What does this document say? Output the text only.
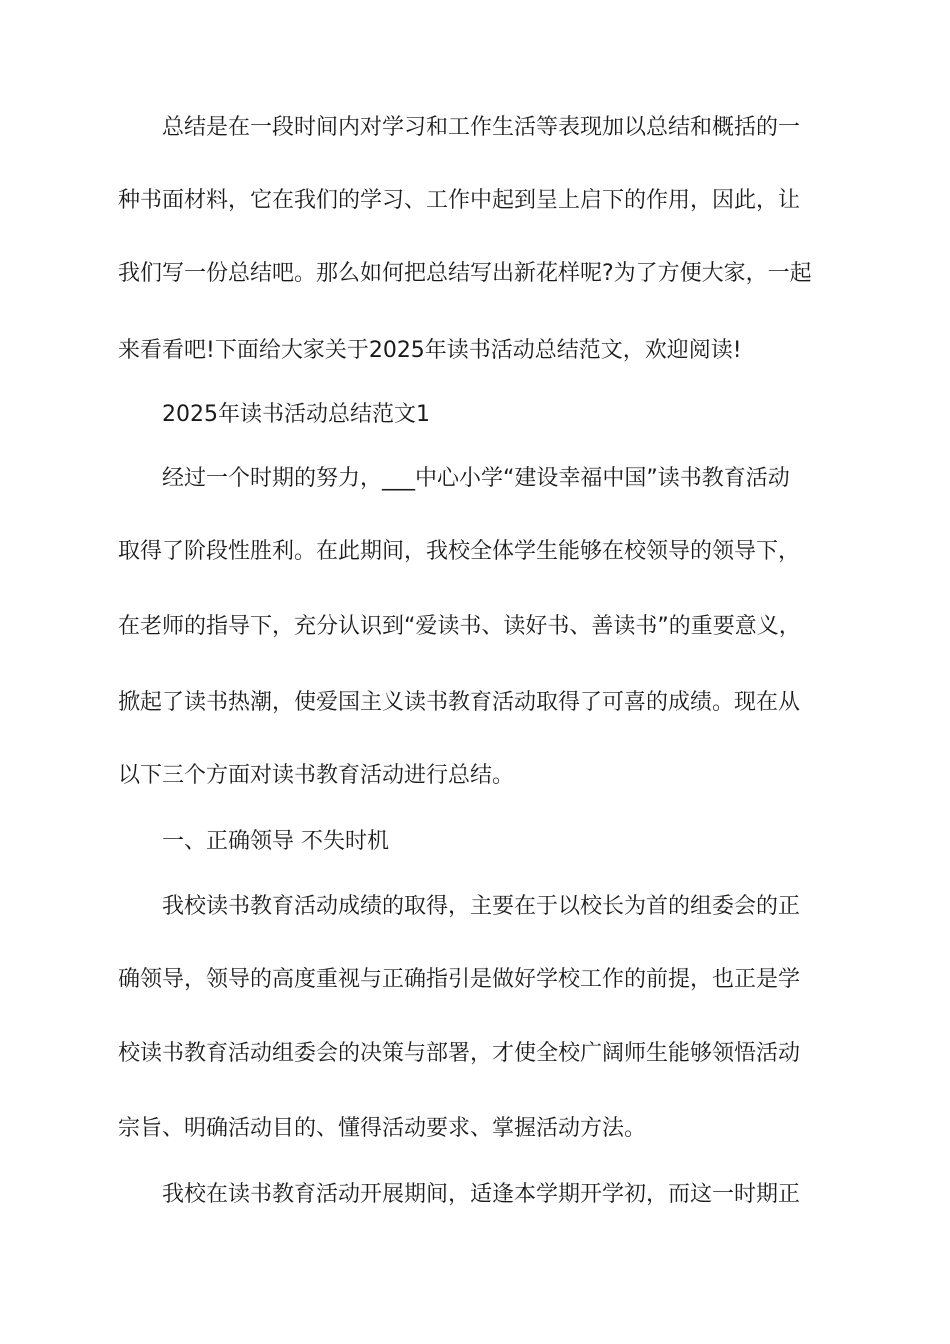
总结是在一段时间内对学习和工作生活等表现加以总结和概括的一
种书面材料，它在我们的学习、工作中起到呈上启下的作用，因此，让
我们写一份总结吧。那么如何把总结写出新花样呢?为了方便大家，一起
来看看吧!下面给大家关于2025年读书活动总结范文，欢迎阅读!
2025年读书活动总结范文1
经过一个时期的努力，___中心小学“建设幸福中国”读书教育活动
取得了阶段性胜利。在此期间，我校全体学生能够在校领导的领导下，
在老师的指导下，充分认识到“爱读书、读好书、善读书”的重要意义，
掀起了读书热潮，使爱国主义读书教育活动取得了可喜的成绩。现在从
以下三个方面对读书教育活动进行总结。
一、正确领导 不失时机
我校读书教育活动成绩的取得，主要在于以校长为首的组委会的正
确领导，领导的高度重视与正确指引是做好学校工作的前提，也正是学
校读书教育活动组委会的决策与部署，才使全校广阔师生能够领悟活动
宗旨、明确活动目的、懂得活动要求、掌握活动方法。
我校在读书教育活动开展期间，适逢本学期开学初，而这一时期正
